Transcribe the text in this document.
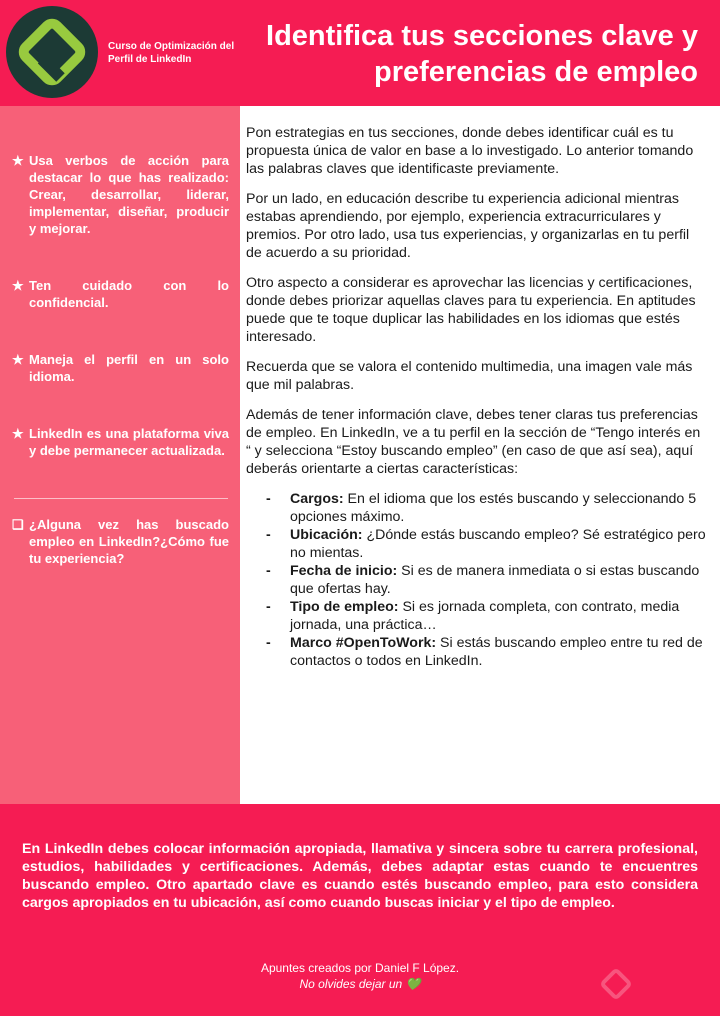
Curso de Optimización del Perfil de LinkedIn
Identifica tus secciones clave y preferencias de empleo
★ Usa verbos de acción para destacar lo que has realizado: Crear, desarrollar, liderar, implementar, diseñar, producir y mejorar.
★ Ten cuidado con lo confidencial.
★ Maneja el perfil en un solo idioma.
★ LinkedIn es una plataforma viva y debe permanecer actualizada.
❏ ¿Alguna vez has buscado empleo en LinkedIn?¿Cómo fue tu experiencia?

Pon estrategias en tus secciones, donde debes identificar cuál es tu propuesta única de valor en base a lo investigado. Lo anterior tomando las palabras claves que identificaste previamente.

Por un lado, en educación describe tu experiencia adicional mientras estabas aprendiendo, por ejemplo, experiencia extracurriculares y premios. Por otro lado, usa tus experiencias, y organizarlas en tu perfil de acuerdo a su prioridad.

Otro aspecto a considerar es aprovechar las licencias y certificaciones, donde debes priorizar aquellas claves para tu experiencia. En aptitudes puede que te toque duplicar las habilidades en los idiomas que estés interesado.

Recuerda que se valora el contenido multimedia, una imagen vale más que mil palabras.

Además de tener información clave, debes tener claras tus preferencias de empleo. En LinkedIn, ve a tu perfil en la sección de “Tengo interés en “ y selecciona “Estoy buscando empleo” (en caso de que así sea), aquí deberás orientarte a ciertas características:

-	Cargos: En el idioma que los estés buscando y seleccionando 5 opciones máximo.
-	Ubicación: ¿Dónde estás buscando empleo? Sé estratégico pero no mientas.
-	Fecha de inicio: Si es de manera inmediata o si estas buscando que ofertas hay.
-	Tipo de empleo: Si es jornada completa, con contrato, media jornada, una práctica…
-	Marco #OpenToWork: Si estás buscando empleo entre tu red de contactos o todos en LinkedIn.
En LinkedIn debes colocar información apropiada, llamativa y sincera sobre tu carrera profesional, estudios, habilidades y certificaciones. Además, debes adaptar estas cuando te encuentres buscando empleo. Otro apartado clave es cuando estés buscando empleo, para esto considera cargos apropiados en tu ubicación, así como cuando buscas iniciar y el tipo de empleo.
Apuntes creados por Daniel F López.
No olvides dejar un 💚
